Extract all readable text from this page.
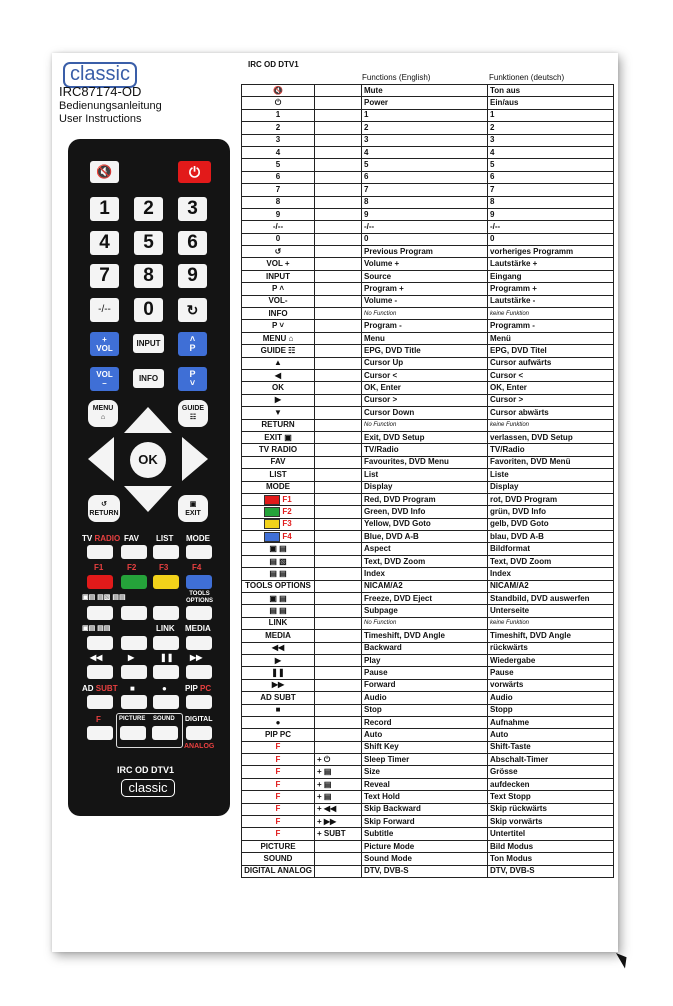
classic
IRC87174-OD
Bedienungsanleitung
User Instructions
🔇	⏻
1	2	3
4	5	6
7	8	9
-/--	0	↻
+
VOL
INPUT	˄
P
VOL
–
INFO	P
˅
MENU
⌂
GUIDE
☷
OK
↺
RETURN
▣
EXIT
TV RADIO FAV LIST MODE
F1	F2	F3	F4
▣▤ ▤▧ ▤▤	TOOLS
OPTIONS
▣▤ ▤▤	LINK MEDIA
◀◀	▶	❚❚ ▶▶
AD SUBT ■	● PIP PC
F	PICTURE SOUND DIGITAL
ANALOG
IRC OD DTV1
classic
IRC OD DTV1
Functions (English)	Funktionen (deutsch)
🔇		Mute	Ton aus
⏻		Power	Ein/aus
1		1	1
2		2	2
3		3	3
4		4	4
5		5	5
6		6	6
7		7	7
8		8	8
9		9	9
-/--		-/--	-/--
0		0	0
↺		Previous Program	vorheriges Programm
VOL +		Volume +	Lautstärke +
INPUT		Source	Eingang
P ˄		Program +	Programm +
VOL-		Volume -	Lautstärke -
INFO		No Function	keine Funktion
P ˅		Program -	Programm -
MENU ⌂		Menu	Menü
GUIDE ☷		EPG, DVD Title	EPG, DVD Titel
▲		Cursor Up	Cursor aufwärts
◀		Cursor <	Cursor <
OK		OK, Enter	OK, Enter
▶		Cursor >	Cursor >
▼		Cursor Down	Cursor abwärts
RETURN		No Function	keine Funktion
EXIT ▣		Exit, DVD Setup	verlassen, DVD Setup
TV RADIO		TV/Radio	TV/Radio
FAV		Favourites, DVD Menu	Favoriten, DVD Menü
LIST		List	Liste
MODE		Display	Display
F1		Red, DVD Program	rot, DVD Program
F2		Green, DVD Info	grün, DVD Info
F3		Yellow, DVD Goto	gelb, DVD Goto
F4		Blue, DVD A-B	blau, DVD A-B
▣ ▤		Aspect	Bildformat
▤ ▧		Text, DVD Zoom	Text, DVD Zoom
▤ ▤		Index	Index
TOOLS OPTIONS		NICAM/A2	NICAM/A2
▣ ▤		Freeze, DVD Eject	Standbild, DVD auswerfen
▤ ▤		Subpage	Unterseite
LINK		No Function	keine Funktion
MEDIA		Timeshift, DVD Angle	Timeshift, DVD Angle
◀◀		Backward	rückwärts
▶		Play	Wiedergabe
❚❚		Pause	Pause
▶▶		Forward	vorwärts
AD SUBT		Audio	Audio
■		Stop	Stopp
●		Record	Aufnahme
PIP PC		Auto	Auto
F		Shift Key	Shift-Taste
F	+ ⏻	Sleep Timer	Abschalt-Timer
F	+ ▤	Size	Grösse
F	+ ▤	Reveal	aufdecken
F	+ ▤	Text Hold	Text Stopp
F	+ ◀◀	Skip Backward	Skip rückwärts
F	+ ▶▶	Skip Forward	Skip vorwärts
F	+ SUBT	Subtitle	Untertitel
PICTURE		Picture Mode	Bild Modus
SOUND		Sound Mode	Ton Modus
DIGITAL ANALOG		DTV, DVB-S	DTV, DVB-S
